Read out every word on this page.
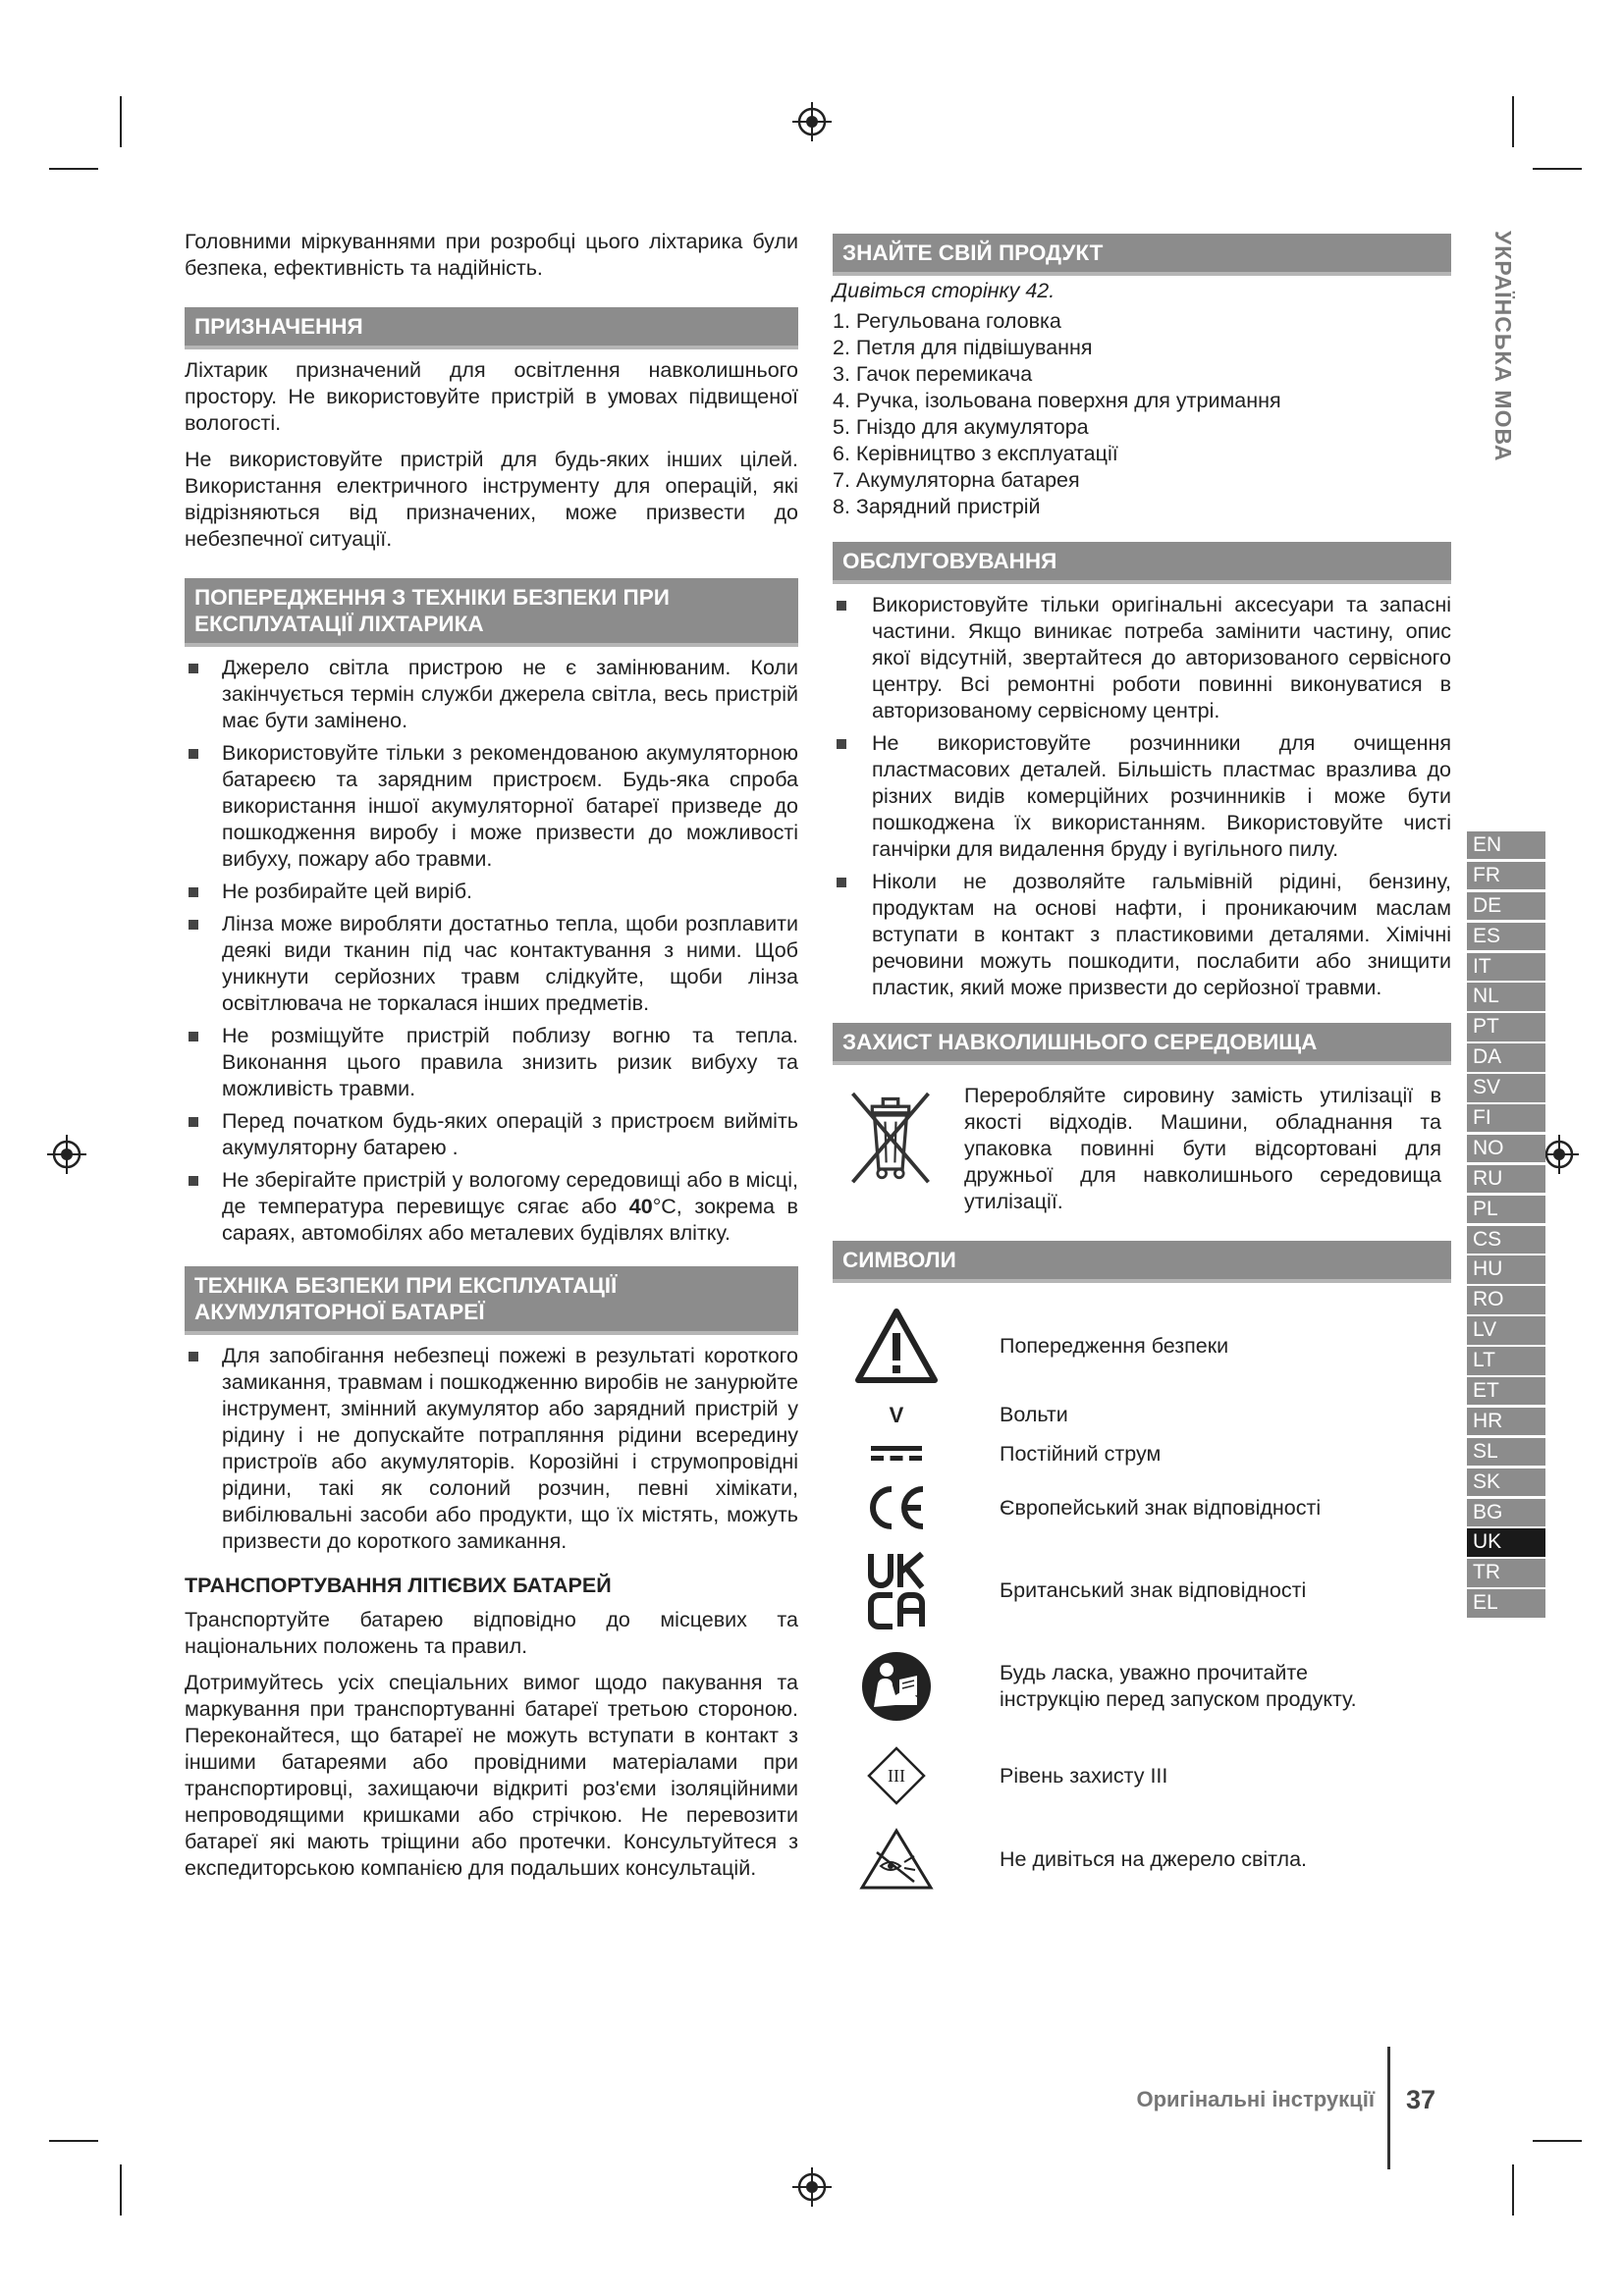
Головними міркуваннями при розробці цього ліхтарика були безпека, ефективність та надійність.

ПРИЗНАЧЕННЯ

Ліхтарик призначений для освітлення навколишнього простору. Не використовуйте пристрій в умовах підвищеної вологості.

Не використовуйте пристрій для будь-яких інших цілей. Використання електричного інструменту для операцій, які відрізняються від призначених, може призвести до небезпечної ситуації.

ПОПЕРЕДЖЕННЯ З ТЕХНІКИ БЕЗПЕКИ ПРИ ЕКСПЛУАТАЦІЇ ЛІХТАРИКА
Джерело світла пристрою не є замінюваним. Коли закінчується термін служби джерела світла, весь пристрій має бути замінено.
Використовуйте тільки з рекомендованою акумуляторною батареєю та зарядним пристроєм. Будь-яка спроба використання іншої акумуляторної батареї призведе до пошкодження виробу і може призвести до можливості вибуху, пожару або травми.
Не розбирайте цей виріб.
Лінза може виробляти достатньо тепла, щоби розплавити деякі види тканин під час контактування з ними. Щоб уникнути серйозних травм слідкуйте, щоби лінза освітлювача не торкалася інших предметів.
Не розміщуйте пристрій поблизу вогню та тепла. Виконання цього правила знизить ризик вибуху та можливість травми.
Перед початком будь-яких операцій з пристроєм вийміть акумуляторну батарею .
Не зберігайте пристрій у вологому середовищі або в місці, де температура перевищує сягає або 40°C, зокрема в сараях, автомобілях або металевих будівлях влітку.
ТЕХНІКА БЕЗПЕКИ ПРИ ЕКСПЛУАТАЦІЇ АКУМУЛЯТОРНОЇ БАТАРЕЇ
Для запобігання небезпеці пожежі в результаті короткого замикання, травмам і пошкодженню виробів не занурюйте інструмент, змінний акумулятор або зарядний пристрій у рідину і не допускайте потрапляння рідини всередину пристроїв або акумуляторів. Корозійні і струмопровідні рідини, такі як солоний розчин, певні хімікати, вибілювальні засоби або продукти, що їх містять, можуть призвести до короткого замикання.
ТРАНСПОРТУВАННЯ ЛІТІЄВИХ БАТАРЕЙ

Транспортуйте батарею відповідно до місцевих та національних положень та правил.

Дотримуйтесь усіх спеціальних вимог щодо пакування та маркування при транспортуванні батареї третьою стороною. Переконайтеся, що батареї не можуть вступати в контакт з іншими батареями або провідними матеріалами при транспортировці, захищаючи відкриті роз'єми ізоляційними непроводящими кришками або стрічкою. Не перевозити батареї які мають тріщини або протечки. Консультуйтеся з експедиторською компанією для подальших консультацій.

ЗНАЙТЕ СВІЙ ПРОДУКТ
Дивіться сторінку 42.
1. Регульована головка
2. Петля для підвішування
3. Гачок перемикача
4. Ручка, ізольована поверхня для утримання
5. Гніздо для акумулятора
6. Керівництво з експлуатації
7. Акумуляторна батарея
8. Зарядний пристрій
ОБСЛУГОВУВАННЯ
Використовуйте тільки оригінальні аксесуари та запасні частини. Якщо виникає потреба замінити частину, опис якої відсутній, звертайтеся до авторизованого сервісного центру. Всі ремонтні роботи повинні виконуватися в авторизованому сервісному центрі.
Не використовуйте розчинники для очищення пластмасових деталей. Більшість пластмас вразлива до різних видів комерційних розчинників і може бути пошкоджена їх використанням. Використовуйте чисті ганчірки для видалення бруду і вугільного пилу.
Ніколи не дозволяйте гальмівній рідині, бензину, продуктам на основі нафти, і проникаючим маслам вступати в контакт з пластиковими деталями. Хімічні речовини можуть пошкодити, послабити або знищити пластик, який може призвести до серйозної травми.
ЗАХИСТ НАВКОЛИШНЬОГО СЕРЕДОВИЩА
Переробляйте сировину замість утилізації в якості відходів. Машини, обладнання та упаковка повинні бути відсортовані для дружньої для навколишнього середовища утилізації.
СИМВОЛИ
Попередження безпеки
V	Вольти
Постійний струм
Європейський знак відповідності
Британський знак відповідності
Будь ласка, уважно прочитайте
інструкцію перед запуском продукту.
III	Рівень захисту III
Не дивіться на джерело світла.
УКРАЇНСЬКА МОВА
EN
FR
DE
ES
IT
NL
PT
DA
SV
FI
NO
RU
PL
CS
HU
RO
LV
LT
ET
HR
SL
SK
BG
UK
TR
EL
Оригінальні інструкції 37
